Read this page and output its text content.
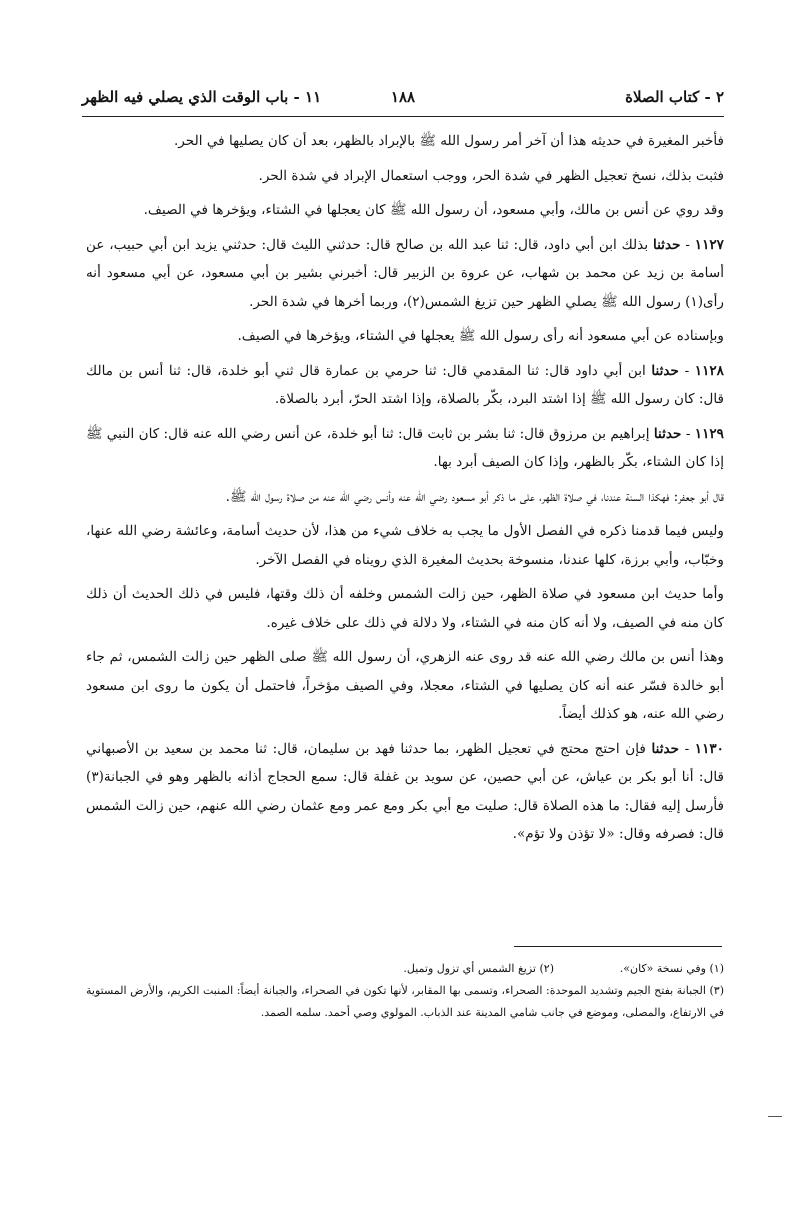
٢ - كتاب الصلاة
١٨٨
١١ - باب الوقت الذي يصلي فيه الظهر

فأخبر المغيرة في حديثه هذا أن آخر أمر رسول الله ﷺ بالإبراد بالظهر، بعد أن كان يصليها في الحر.

فثبت بذلك، نسخ تعجيل الظهر في شدة الحر، ووجب استعمال الإبراد في شدة الحر.

وقد روي عن أنس بن مالك، وأبي مسعود، أن رسول الله ﷺ كان يعجلها في الشتاء، ويؤخرها في الصيف.

١١٢٧ - حدثنا بذلك ابن أبي داود، قال: ثنا عبد الله بن صالح قال: حدثني الليث قال: حدثني يزيد ابن أبي حبيب، عن أسامة بن زيد عن محمد بن شهاب، عن عروة بن الزبير قال: أخبرني بشير بن أبي مسعود، عن أبي مسعود أنه رأى(١) رسول الله ﷺ يصلي الظهر حين تزيغ الشمس(٢)، وربما أخرها في شدة الحر.

وبإسناده عن أبي مسعود أنه رأى رسول الله ﷺ يعجلها في الشتاء، ويؤخرها في الصيف.

١١٢٨ - حدثنا ابن أبي داود قال: ثنا المقدمي قال: ثنا حرمي بن عمارة قال ثني أبو خلدة، قال: ثنا أنس بن مالك قال: كان رسول الله ﷺ إذا اشتد البرد، بكّر بالصلاة، وإذا اشتد الحرّ، أبرد بالصلاة.

١١٢٩ - حدثنا إبراهيم بن مرزوق قال: ثنا بشر بن ثابت قال: ثنا أبو خلدة، عن أنس رضي الله عنه قال: كان النبي ﷺ إذا كان الشتاء، بكّر بالظهر، وإذا كان الصيف أبرد بها.

قال أبو جعفر: فهكذا السنة عندنا، في صلاة الظهر، على ما ذكر أبو مسعود رضي الله عنه وأنس رضي الله عنه من صلاة رسول الله ﷺ.

وليس فيما قدمنا ذكره في الفصل الأول ما يجب به خلاف شيء من هذا، لأن حديث أسامة، وعائشة رضي الله عنها، وخبّاب، وأبي برزة، كلها عندنا، منسوخة بحديث المغيرة الذي رويناه في الفصل الآخر.

وأما حديث ابن مسعود في صلاة الظهر، حين زالت الشمس وخلفه أن ذلك وقتها، فليس في ذلك الحديث أن ذلك كان منه في الصيف، ولا أنه كان منه في الشتاء، ولا دلالة في ذلك على خلاف غيره.

وهذا أنس بن مالك رضي الله عنه قد روى عنه الزهري، أن رسول الله ﷺ صلى الظهر حين زالت الشمس، ثم جاء أبو خالدة فسّر عنه أنه كان يصليها في الشتاء، معجلا، وفي الصيف مؤخراً، فاحتمل أن يكون ما روى ابن مسعود رضي الله عنه، هو كذلك أيضاً.

١١٣٠ - حدثنا فإن احتج محتج في تعجيل الظهر، بما حدثنا فهد بن سليمان، قال: ثنا محمد بن سعيد بن الأصبهاني قال: أنا أبو بكر بن عياش، عن أبي حصين، عن سويد بن غفلة قال: سمع الحجاج أذانه بالظهر وهو في الجبانة(٣) فأرسل إليه فقال: ما هذه الصلاة قال: صليت مع أبي بكر ومع عمر ومع عثمان رضي الله عنهم، حين زالت الشمس قال: فصرفه وقال: «لا تؤذن ولا تؤم».

(١) وفي نسخة «كان».
(٢) تزيغ الشمس أي تزول وتميل.
(٣) الجبانة بفتح الجيم وتشديد الموحدة: الصحراء، وتسمى بها المقابر، لأنها تكون في الصحراء، والجبانة أيضاً: المنبت الكريم، والأرض المستوية في الارتفاع، والمصلى، وموضع في جانب شامي المدينة عند الذباب. المولوي وصي أحمد. سلمه الصمد.
